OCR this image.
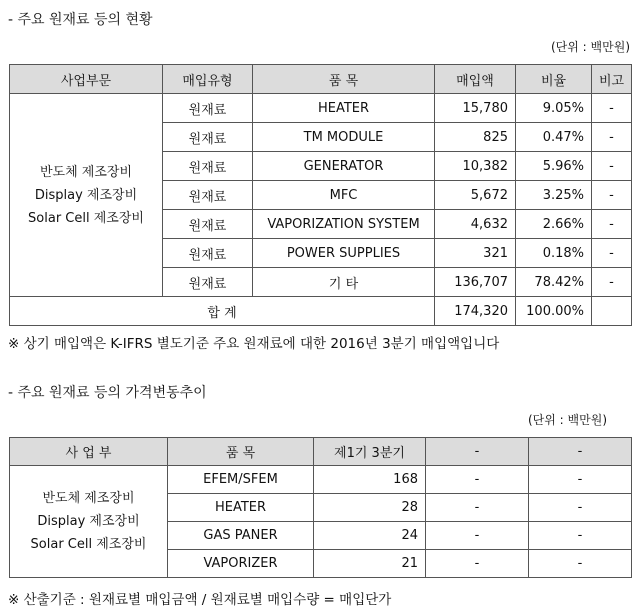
- 주요 원재료 등의 현황
(단위 : 백만원)
사업부문	매입유형	품 목	매입액	비율	비고

반도체 제조장비
Display 제조장비
Solar Cell 제조장비	원재료	HEATER	15,780	9.05%	-
	원재료	TM MODULE	825	0.47%	-
	원재료	GENERATOR	10,382	5.96%	-
	원재료	MFC	5,672	3.25%	-
	원재료	VAPORIZATION SYSTEM	4,632	2.66%	-
	원재료	POWER SUPPLIES	321	0.18%	-
	원재료	기 타	136,707	78.42%	-
합 계			174,320	100.00%	
※ 상기 매입액은 K-IFRS 별도기준 주요 원재료에 대한 2016년 3분기 매입액입니다
- 주요 원재료 등의 가격변동추이
(단위 : 백만원)
사 업 부	품 목	제1기 3분기	-	-

반도체 제조장비
Display 제조장비
Solar Cell 제조장비	EFEM/SFEM	168	-	-
	HEATER	28	-	-
	GAS PANER	24	-	-
	VAPORIZER	21	-	-
※ 산출기준 : 원재료별 매입금액 / 원재료별 매입수량 = 매입단가
